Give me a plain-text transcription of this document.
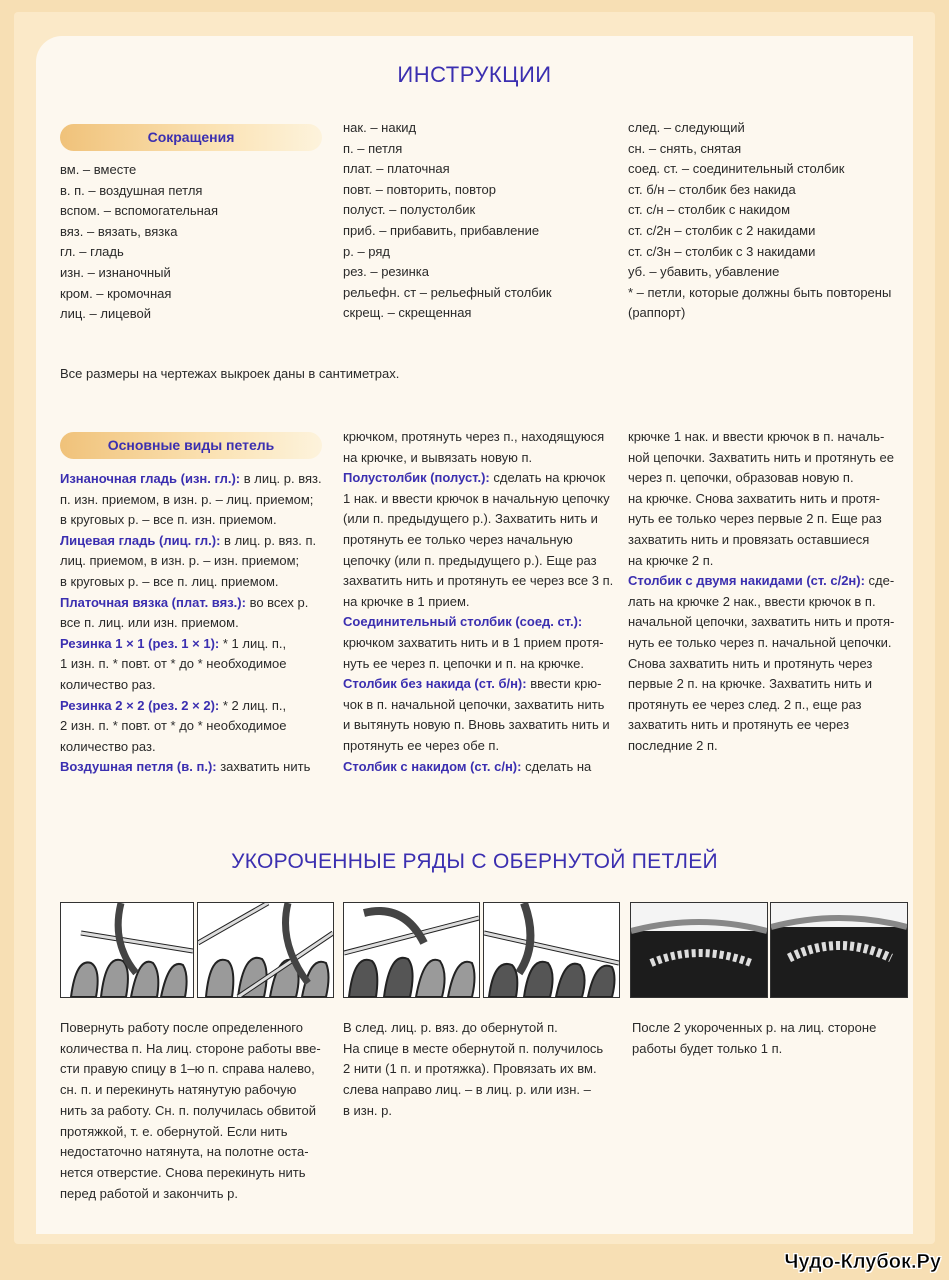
ИНСТРУКЦИИ
Сокращения
вм. – вместе
в. п. – воздушная петля
вспом. – вспомогательная
вяз. – вязать, вязка
гл. – гладь
изн. – изнаночный
кром. – кромочная
лиц. – лицевой
нак. – накид
п. – петля
плат. – платочная
повт. – повторить, повтор
полуст. – полустолбик
приб. – прибавить, прибавление
р. – ряд
рез. – резинка
рельефн. ст – рельефный столбик
скрещ. – скрещенная
след. – следующий
сн. – снять, снятая
соед. ст. – соединительный столбик
ст. б/н – столбик без накида
ст. с/н – столбик с накидом
ст. с/2н – столбик с 2 накидами
ст. с/3н – столбик с 3 накидами
уб. – убавить, убавление
* – петли, которые должны быть повторены
(раппорт)
Все размеры на чертежах выкроек даны в сантиметрах.
Основные виды петель
Изнаночная гладь (изн. гл.): в лиц. р. вяз.
п. изн. приемом, в изн. р. – лиц. приемом;
в круговых р. – все п. изн. приемом.
Лицевая гладь (лиц. гл.): в лиц. р. вяз. п.
лиц. приемом, в изн. р. – изн. приемом;
в круговых р. – все п. лиц. приемом.
Платочная вязка (плат. вяз.): во всех р.
все п. лиц. или изн. приемом.
Резинка 1 × 1 (рез. 1 × 1): * 1 лиц. п.,
1 изн. п. * повт. от * до * необходимое
количество раз.
Резинка 2 × 2 (рез. 2 × 2): * 2 лиц. п.,
2 изн. п. * повт. от * до * необходимое
количество раз.
Воздушная петля (в. п.): захватить нить
крючком, протянуть через п., находящуюся
на крючке, и вывязать новую п.
Полустолбик (полуст.): сделать на крючок
1 нак. и ввести крючок в начальную цепочку
(или п. предыдущего р.). Захватить нить и
протянуть ее только через начальную
цепочку (или п. предыдущего р.). Еще раз
захватить нить и протянуть ее через все 3 п.
на крючке в 1 прием.
Соединительный столбик (соед. ст.):
крючком захватить нить и в 1 прием протя-
нуть ее через п. цепочки и п. на крючке.
Столбик без накида (ст. б/н): ввести крю-
чок в п. начальной цепочки, захватить нить
и вытянуть новую п. Вновь захватить нить и
протянуть ее через обе п.
Столбик с накидом (ст. с/н): сделать на
крючке 1 нак. и ввести крючок в п. началь-
ной цепочки. Захватить нить и протянуть ее
через п. цепочки, образовав новую п.
на крючке. Снова захватить нить и протя-
нуть ее только через первые 2 п. Еще раз
захватить нить и провязать оставшиеся
на крючке 2 п.
Столбик с двумя накидами (ст. с/2н): сде-
лать на крючке 2 нак., ввести крючок в п.
начальной цепочки, захватить нить и протя-
нуть ее только через п. начальной цепочки.
Снова захватить нить и протянуть через
первые 2 п. на крючке. Захватить нить и
протянуть ее через след. 2 п., еще раз
захватить нить и протянуть ее через
последние 2 п.
УКОРОЧЕННЫЕ РЯДЫ С ОБЕРНУТОЙ ПЕТЛЕЙ
Повернуть работу после определенного
количества п. На лиц. стороне работы вве-
сти правую спицу в 1–ю п. справа налево,
сн. п. и перекинуть натянутую рабочую
нить за работу. Сн. п. получилась обвитой
протяжкой, т. е. обернутой. Если нить
недостаточно натянута, на полотне оста-
нется отверстие. Снова перекинуть нить
перед работой и закончить р.
В след. лиц. р. вяз. до обернутой п.
На спице в месте обернутой п. получилось
2 нити (1 п. и протяжка). Провязать их вм.
слева направо лиц. – в лиц. р. или изн. –
в изн. р.
После 2 укороченных р. на лиц. стороне
работы будет только 1 п.
Чудо-Клубок.Ру
